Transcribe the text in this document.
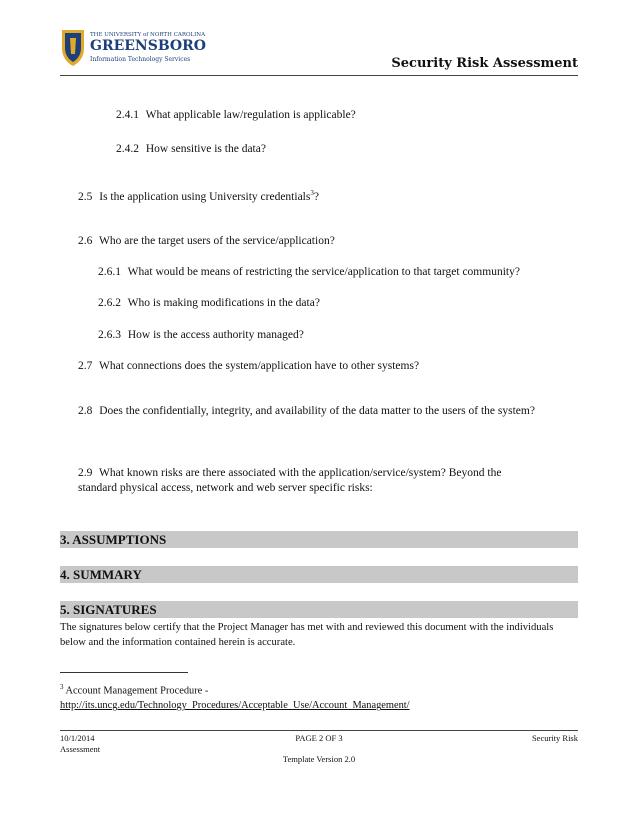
THE UNIVERSITY of NORTH CAROLINA
GREENSBORO
Information Technology Services	Security Risk Assessment

2.4.1 What applicable law/regulation is applicable?

2.4.2 How sensitive is the data?

2.5 Is the application using University credentials$^3$?

2.6 Who are the target users of the service/application?

2.6.1 What would be means of restricting the service/application to that target community?

2.6.2 Who is making modifications in the data?

2.6.3 How is the access authority managed?

2.7 What connections does the system/application have to other systems?

2.8 Does the confidentially, integrity, and availability of the data matter to the users of the system?

2.9 What known risks are there associated with the application/service/system? Beyond the standard physical access, network and web server specific risks:

3. ASSUMPTIONS
4. SUMMARY
5. SIGNATURES
The signatures below certify that the Project Manager has met with and reviewed this document with the individuals below and the information contained herein is accurate.
$^3$ Account Management Procedure -
http://its.uncg.edu/Technology_Procedures/Acceptable_Use/Account_Management/
10/1/2014
Assessment
PAGE 2 OF 3	Security Risk
Template Version 2.0
